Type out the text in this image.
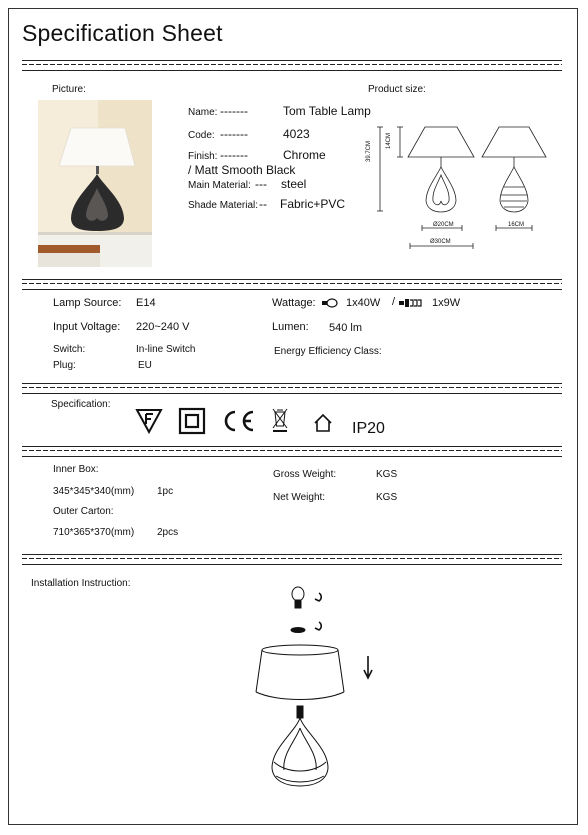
Specification Sheet
Picture:
Name: -------	Tom Table Lamp
Code: -------	4023
Finish: -------	Chrome
/ Matt Smooth Black
Main Material: --- steel
Shade Material: -- Fabric+PVC
Product size:
39.7CM 14CM
Ø20CM
Ø30CM
16CM
Lamp Source: E14	Wattage:	1x40W /	1x9W
Input Voltage: 220~240 V	Lumen: 540 lm
Switch:	In-line Switch	Energy Efficiency Class:
Plug:	EU
Specification:
IP20
Inner Box:
345*345*340(mm) 1pc
Outer Carton:
710*365*370(mm) 2pcs
Gross Weight:	KGS
Net Weight:	KGS
Installation Instruction:
